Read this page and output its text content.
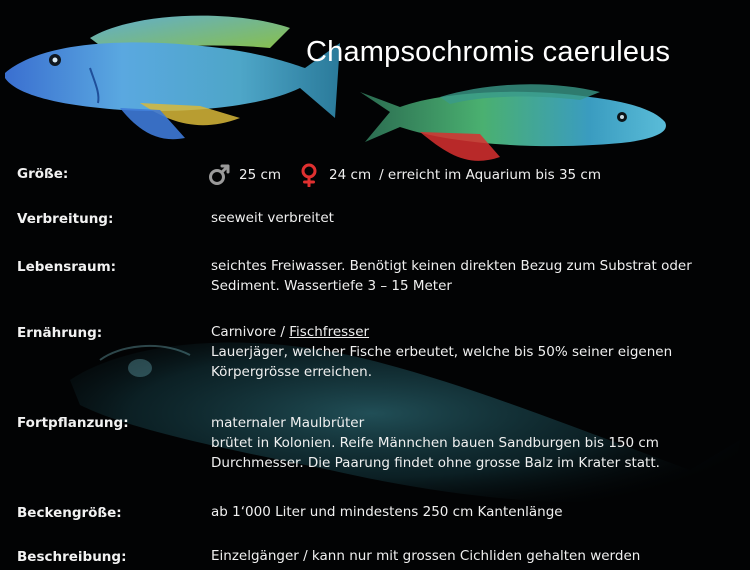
Champsochromis caeruleus
Größe:	25 cm	24 cm / erreicht im Aquarium bis 35 cm
Verbreitung:	seeweit verbreitet
Lebensraum:	seichtes Freiwasser. Benötigt keinen direkten Bezug zum Substrat oder
Sediment. Wassertiefe 3 – 15 Meter
Ernährung:	Carnivore / Fischfresser
Lauerjäger, welcher Fische erbeutet, welche bis 50% seiner eigenen
Körpergrösse erreichen.
Fortpflanzung:	maternaler Maulbrüter
brütet in Kolonien. Reife Männchen bauen Sandburgen bis 150 cm
Durchmesser. Die Paarung findet ohne grosse Balz im Krater statt.
Beckengröße:	ab 1‘000 Liter und mindestens 250 cm Kantenlänge
Beschreibung:	Einzelgänger / kann nur mit grossen Cichliden gehalten werden
